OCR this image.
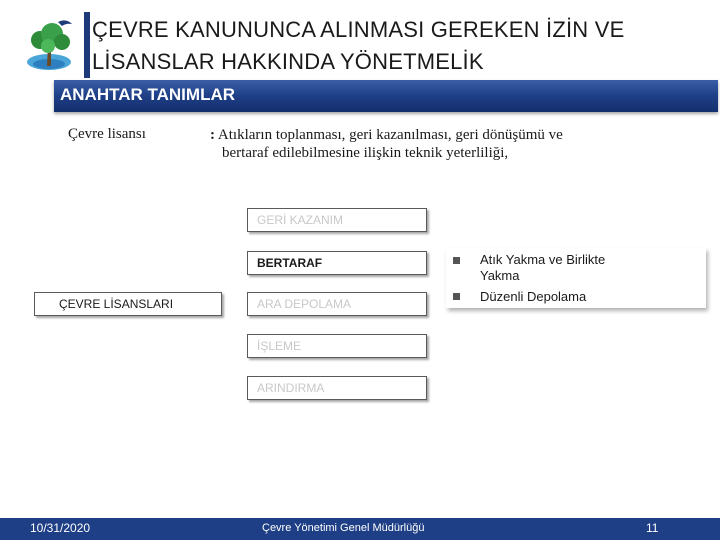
ÇEVRE KANUNUNCA ALINMASI GEREKEN İZİN VE
LİSANSLAR HAKKINDA YÖNETMELİK
ANAHTAR TANIMLAR
Çevre lisansı	: Atıkların toplanması, geri kazanılması, geri dönüşümü ve
bertaraf edilebilmesine ilişkin teknik yeterliliği,
GERİ KAZANIM
BERTARAF
ARA DEPOLAMA
İŞLEME
ARINDIRMA
ÇEVRE LİSANSLARI
Atık Yakma ve Birlikte Yakma
Düzenli Depolama
10/31/2020	Çevre Yönetimi Genel Müdürlüğü	11
